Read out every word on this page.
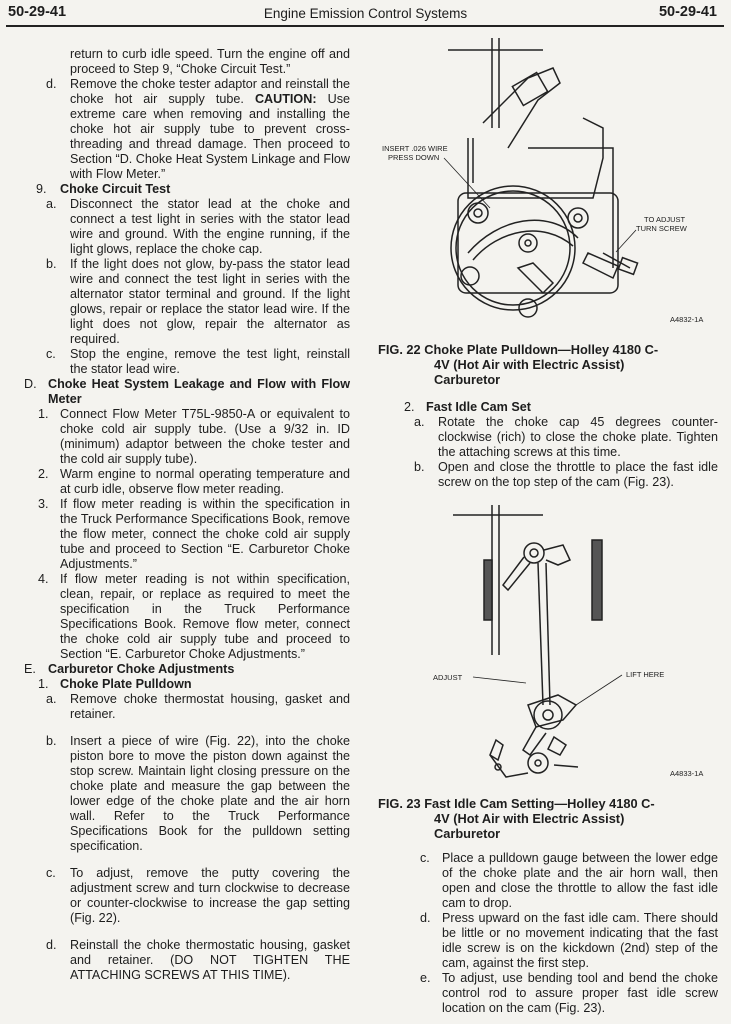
50-29-41	Engine Emission Control Systems	50-29-41
return to curb idle speed. Turn the engine off and proceed to Step 9, “Choke Circuit Test.”
d. Remove the choke tester adaptor and reinstall the choke hot air supply tube. CAUTION: Use extreme care when removing and installing the choke hot air supply tube to prevent cross-threading and thread damage. Then proceed to Section “D. Choke Heat System Linkage and Flow with Flow Meter.”
9. Choke Circuit Test
a. Disconnect the stator lead at the choke and connect a test light in series with the stator lead wire and ground. With the engine running, if the light glows, replace the choke cap.
b. If the light does not glow, by-pass the stator lead wire and connect the test light in series with the alternator stator terminal and ground. If the light glows, repair or replace the stator lead wire. If the light does not glow, repair the alternator as required.
c. Stop the engine, remove the test light, reinstall the stator lead wire.
D. Choke Heat System Leakage and Flow with Flow Meter
1. Connect Flow Meter T75L-9850-A or equivalent to choke cold air supply tube. (Use a 9/32 in. ID (minimum) adaptor between the choke tester and the cold air supply tube).
2. Warm engine to normal operating temperature and at curb idle, observe flow meter reading.
3. If flow meter reading is within the specification in the Truck Performance Specifications Book, remove the flow meter, connect the choke cold air supply tube and proceed to Section “E. Carburetor Choke Adjustments.”
4. If flow meter reading is not within specification, clean, repair, or replace as required to meet the specification in the Truck Performance Specifications Book. Remove flow meter, connect the choke cold air supply tube and proceed to Section “E. Carburetor Choke Adjustments.”
E. Carburetor Choke Adjustments
1. Choke Plate Pulldown
a. Remove choke thermostat housing, gasket and retainer.
b. Insert a piece of wire (Fig. 22), into the choke piston bore to move the piston down against the stop screw. Maintain light closing pressure on the choke plate and measure the gap between the lower edge of the choke plate and the air horn wall. Refer to the Truck Performance Specifications Book for the pulldown setting specification.
c. To adjust, remove the putty covering the adjustment screw and turn clockwise to decrease or counter-clockwise to increase the gap setting (Fig. 22).
d. Reinstall the choke thermostatic housing, gasket and retainer. (DO NOT TIGHTEN THE ATTACHING SCREWS AT THIS TIME).
INSERT .026 WIRE
PRESS DOWN
TO ADJUST
TURN SCREW
A4832-1A
FIG. 22 Choke Plate Pulldown—Holley 4180 C-
4V (Hot Air with Electric Assist)
Carburetor
2. Fast Idle Cam Set
a. Rotate the choke cap 45 degrees counter-clockwise (rich) to close the choke plate. Tighten the attaching screws at this time.
b. Open and close the throttle to place the fast idle screw on the top step of the cam (Fig. 23).
ADJUST	LIFT HERE
A4833-1A
FIG. 23 Fast Idle Cam Setting—Holley 4180 C-
4V (Hot Air with Electric Assist)
Carburetor
c. Place a pulldown gauge between the lower edge of the choke plate and the air horn wall, then open and close the throttle to allow the fast idle cam to drop.
d. Press upward on the fast idle cam. There should be little or no movement indicating that the fast idle screw is on the kickdown (2nd) step of the cam, against the first step.
e. To adjust, use bending tool and bend the choke control rod to assure proper fast idle screw location on the cam (Fig. 23).
